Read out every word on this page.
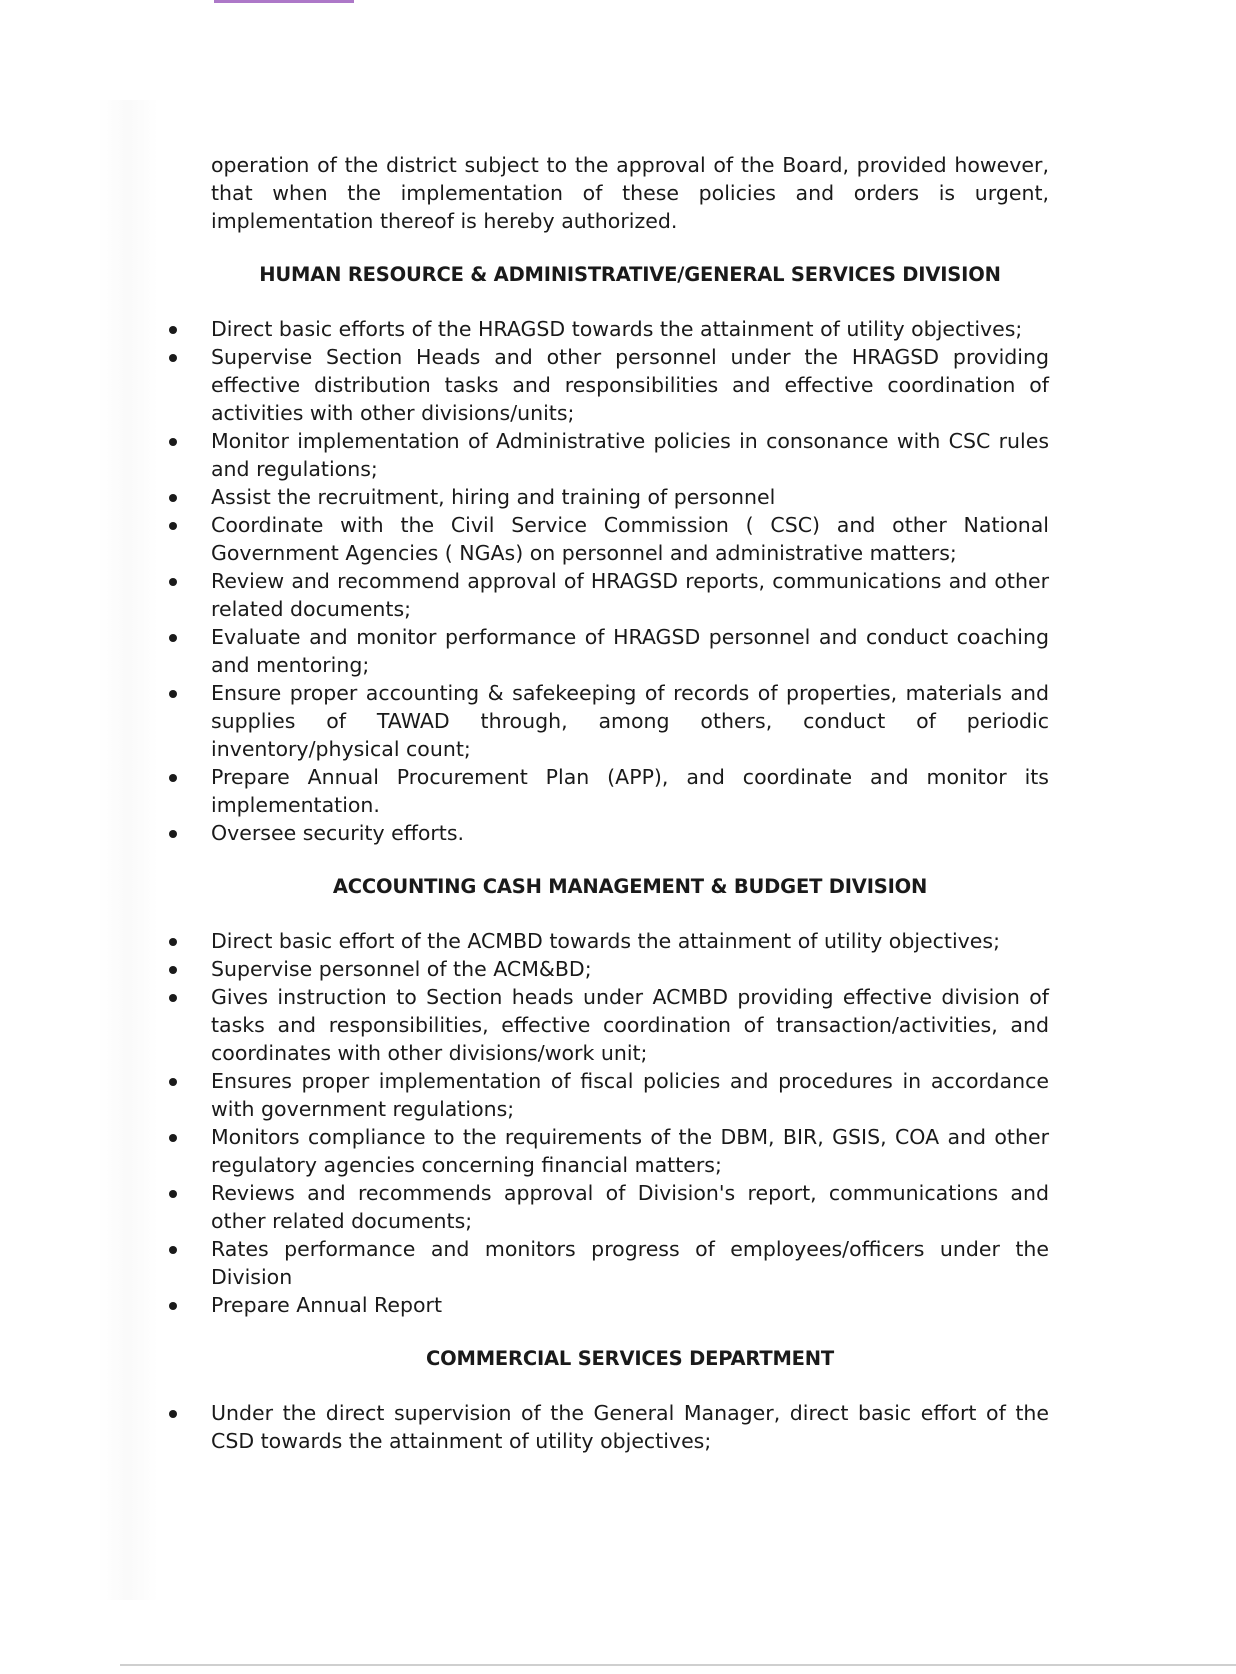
operation of the district subject to the approval of the Board, provided however, that when the implementation of these policies and orders is urgent, implementation thereof is hereby authorized.

HUMAN RESOURCE & ADMINISTRATIVE/GENERAL SERVICES DIVISION
Direct basic efforts of the HRAGSD towards the attainment of utility objectives;
Supervise Section Heads and other personnel under the HRAGSD providing effective distribution tasks and responsibilities and effective coordination of activities with other divisions/units;
Monitor implementation of Administrative policies in consonance with CSC rules and regulations;
Assist the recruitment, hiring and training of personnel
Coordinate with the Civil Service Commission ( CSC) and other National Government Agencies ( NGAs) on personnel and administrative matters;
Review and recommend approval of HRAGSD reports, communications and other related documents;
Evaluate and monitor performance of HRAGSD personnel and conduct coaching and mentoring;
Ensure proper accounting & safekeeping of records of properties, materials and supplies of TAWAD through, among others, conduct of periodic inventory/physical count;
Prepare Annual Procurement Plan (APP), and coordinate and monitor its implementation.
Oversee security efforts.
ACCOUNTING CASH MANAGEMENT & BUDGET DIVISION
Direct basic effort of the ACMBD towards the attainment of utility objectives;
Supervise personnel of the ACM&BD;
Gives instruction to Section heads under ACMBD providing effective division of tasks and responsibilities, effective coordination of transaction/activities, and coordinates with other divisions/work unit;
Ensures proper implementation of fiscal policies and procedures in accordance with government regulations;
Monitors compliance to the requirements of the DBM, BIR, GSIS, COA and other regulatory agencies concerning financial matters;
Reviews and recommends approval of Division's report, communications and other related documents;
Rates performance and monitors progress of employees/officers under the Division
Prepare Annual Report
COMMERCIAL SERVICES DEPARTMENT
Under the direct supervision of the General Manager, direct basic effort of the CSD towards the attainment of utility objectives;
